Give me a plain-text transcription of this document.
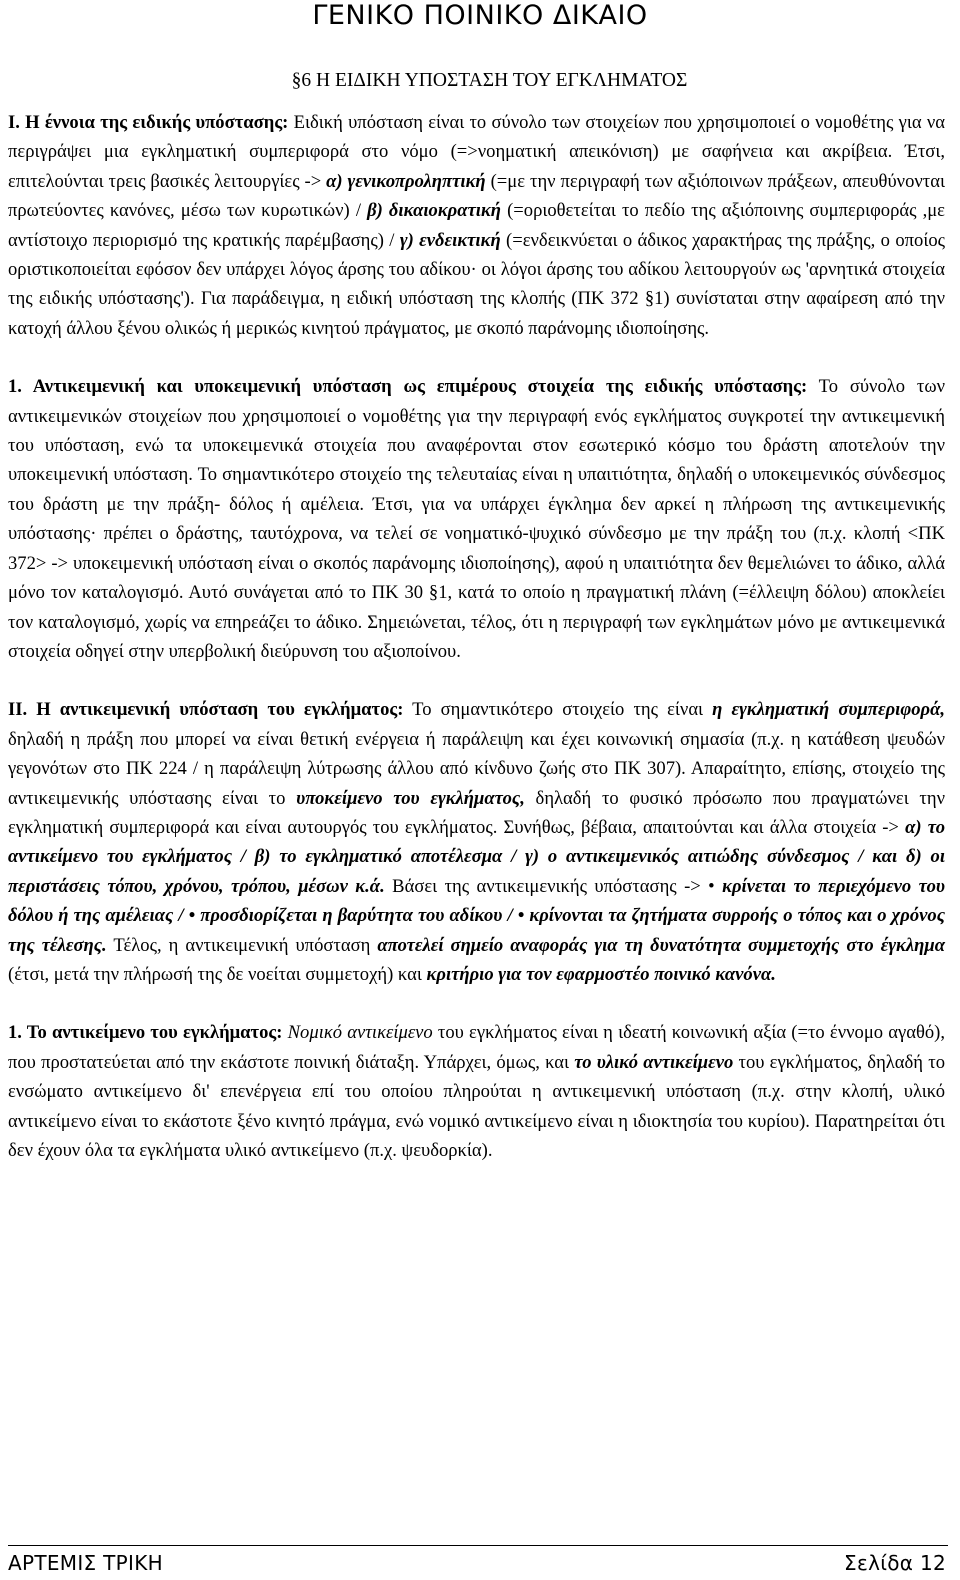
ΓΕΝΙΚΟ ΠΟΙΝΙΚΟ ΔΙΚΑΙΟ

§6 Η ΕΙΔΙΚΗ ΥΠΟΣΤΑΣΗ ΤΟΥ ΕΓΚΛΗΜΑΤΟΣ

I. Η έννοια της ειδικής υπόστασης: Ειδική υπόσταση είναι το σύνολο των στοιχείων που χρησιμοποιεί ο νομοθέτης για να περιγράψει μια εγκληματική συμπεριφορά στο νόμο (=>νοηματική απεικόνιση) με σαφήνεια και ακρίβεια. Έτσι, επιτελούνται τρεις βασικές λειτουργίες -> α) γενικοπροληπτική (=με την περιγραφή των αξιόποινων πράξεων, απευθύνονται πρωτεύοντες κανόνες, μέσω των κυρωτικών) / β) δικαιοκρατική (=οριοθετείται το πεδίο της αξιόποινης συμπεριφοράς ,με αντίστοιχο περιορισμό της κρατικής παρέμβασης) / γ) ενδεικτική (=ενδεικνύεται ο άδικος χαρακτήρας της πράξης, ο οποίος οριστικοποιείται εφόσον δεν υπάρχει λόγος άρσης του αδίκου· οι λόγοι άρσης του αδίκου λειτουργούν ως 'αρνητικά στοιχεία της ειδικής υπόστασης'). Για παράδειγμα, η ειδική υπόσταση της κλοπής (ΠΚ 372 §1) συνίσταται στην αφαίρεση από την κατοχή άλλου ξένου ολικώς ή μερικώς κινητού πράγματος, με σκοπό παράνομης ιδιοποίησης.

1. Αντικειμενική και υποκειμενική υπόσταση ως επιμέρους στοιχεία της ειδικής υπόστασης: Το σύνολο των αντικειμενικών στοιχείων που χρησιμοποιεί ο νομοθέτης για την περιγραφή ενός εγκλήματος συγκροτεί την αντικειμενική του υπόσταση, ενώ τα υποκειμενικά στοιχεία που αναφέρονται στον εσωτερικό κόσμο του δράστη αποτελούν την υποκειμενική υπόσταση. Το σημαντικότερο στοιχείο της τελευταίας είναι η υπαιτιότητα, δηλαδή ο υποκειμενικός σύνδεσμος του δράστη με την πράξη- δόλος ή αμέλεια. Έτσι, για να υπάρχει έγκλημα δεν αρκεί η πλήρωση της αντικειμενικής υπόστασης· πρέπει ο δράστης, ταυτόχρονα, να τελεί σε νοηματικό-ψυχικό σύνδεσμο με την πράξη του (π.χ. κλοπή <ΠΚ 372> -> υποκειμενική υπόσταση είναι ο σκοπός παράνομης ιδιοποίησης), αφού η υπαιτιότητα δεν θεμελιώνει το άδικο, αλλά μόνο τον καταλογισμό. Αυτό συνάγεται από το ΠΚ 30 §1, κατά το οποίο η πραγματική πλάνη (=έλλειψη δόλου) αποκλείει τον καταλογισμό, χωρίς να επηρεάζει το άδικο. Σημειώνεται, τέλος, ότι η περιγραφή των εγκλημάτων μόνο με αντικειμενικά στοιχεία οδηγεί στην υπερβολική διεύρυνση του αξιοποίνου.

II. Η αντικειμενική υπόσταση του εγκλήματος: Το σημαντικότερο στοιχείο της είναι η εγκληματική συμπεριφορά, δηλαδή η πράξη που μπορεί να είναι θετική ενέργεια ή παράλειψη και έχει κοινωνική σημασία (π.χ. η κατάθεση ψευδών γεγονότων στο ΠΚ 224 / η παράλειψη λύτρωσης άλλου από κίνδυνο ζωής στο ΠΚ 307). Απαραίτητο, επίσης, στοιχείο της αντικειμενικής υπόστασης είναι το υποκείμενο του εγκλήματος, δηλαδή το φυσικό πρόσωπο που πραγματώνει την εγκληματική συμπεριφορά και είναι αυτουργός του εγκλήματος. Συνήθως, βέβαια, απαιτούνται και άλλα στοιχεία -> α) το αντικείμενο του εγκλήματος / β) το εγκληματικό αποτέλεσμα / γ) ο αντικειμενικός αιτιώδης σύνδεσμος / και δ) οι περιστάσεις τόπου, χρόνου, τρόπου, μέσων κ.ά. Βάσει της αντικειμενικής υπόστασης -> • κρίνεται το περιεχόμενο του δόλου ή της αμέλειας / • προσδιορίζεται η βαρύτητα του αδίκου / • κρίνονται τα ζητήματα συρροής ο τόπος και ο χρόνος της τέλεσης. Τέλος, η αντικειμενική υπόσταση αποτελεί σημείο αναφοράς για τη δυνατότητα συμμετοχής στο έγκλημα (έτσι, μετά την πλήρωσή της δε νοείται συμμετοχή) και κριτήριο για τον εφαρμοστέο ποινικό κανόνα.

1. Το αντικείμενο του εγκλήματος: Νομικό αντικείμενο του εγκλήματος είναι η ιδεατή κοινωνική αξία (=το έννομο αγαθό), που προστατεύεται από την εκάστοτε ποινική διάταξη. Υπάρχει, όμως, και το υλικό αντικείμενο του εγκλήματος, δηλαδή το ενσώματο αντικείμενο δι' επενέργεια επί του οποίου πληρούται η αντικειμενική υπόσταση (π.χ. στην κλοπή, υλικό αντικείμενο είναι το εκάστοτε ξένο κινητό πράγμα, ενώ νομικό αντικείμενο είναι η ιδιοκτησία του κυρίου). Παρατηρείται ότι δεν έχουν όλα τα εγκλήματα υλικό αντικείμενο (π.χ. ψευδορκία).

ΑΡΤΕΜΙΣ ΤΡΙΚΗ	Σελίδα 12
